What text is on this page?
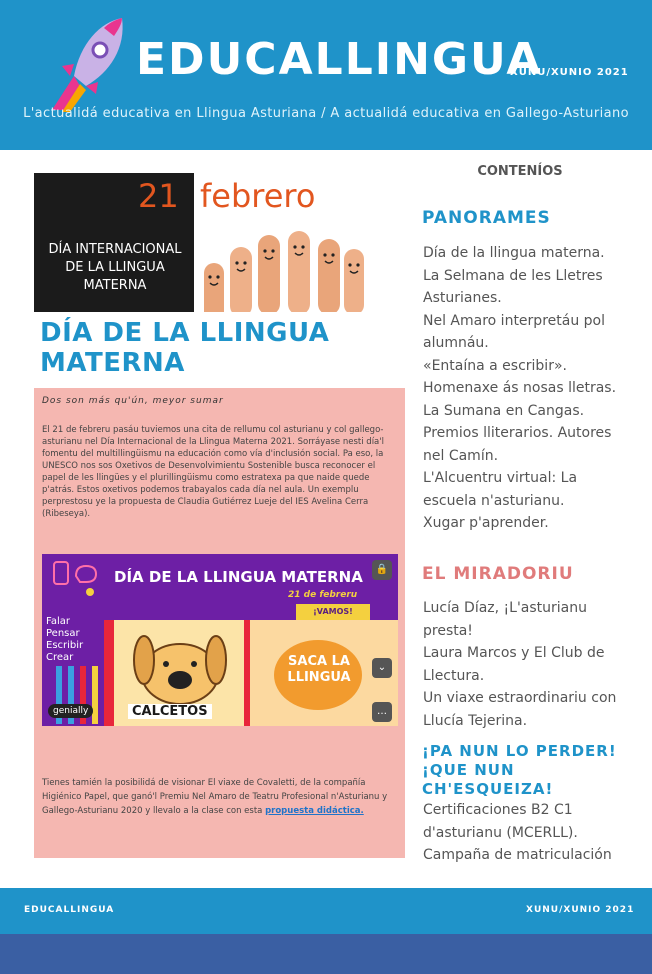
EDUCALLINGUA
XUNU/XUNIO 2021
L'actualidá educativa en Llingua Asturiana / A actualidá educativa en Gallego-Asturiano
21 febrero
DÍA INTERNACIONAL
DE LA LLINGUA
MATERNA
DÍA DE LA LLINGUA
MATERNA
Dos son más qu'ún, meyor sumar
El 21 de febreru pasáu tuviemos una cita de rellumu col asturianu y col gallego-asturianu nel Día Internacional de la Llingua Materna 2021. Sorráyase nesti día'l fomentu del multillingüismu na educación como vía d'inclusión social. Pa eso, la UNESCO nos sos Oxetivos de Desenvolvimientu Sostenible busca reconocer el papel de les llingües y el plurillingüismu como estratexa pa que naide quede p'atrás. Estos oxetivos podemos trabayalos cada día nel aula. Un exemplu perprestosu ye la propuesta de Claudia Gutiérrez Lueje del IES Avelina Cerra (Ribeseya).
DÍA DE LA LLINGUA MATERNA
21 de febreru
¡VAMOS!
Falar
Pensar
Escribir
Crear
CALCETOS
SACA LA
LLINGUA
genially
🔒
⌄
…
Tienes tamién la posibilidá de visionar El viaxe de Covaletti, de la compañía Higiénico Papel, que ganó'l Premiu Nel Amaro de Teatru Profesional n'Asturianu y Gallego-Asturianu 2020 y llevalo a la clase con esta propuesta didáctica.
CONTENÍOS
PANORAMES
Día de la llingua materna.
La Selmana de les Lletres
Asturianes.
Nel Amaro interpretáu pol
alumnáu.
«Entaína a escribir».
Homenaxe ás nosas lletras.
La Sumana en Cangas.
Premios lliterarios. Autores
nel Camín.
L'Alcuentru virtual: La
escuela n'asturianu.
Xugar p'aprender.
EL MIRADORIU
Lucía Díaz, ¡L'asturianu
presta!
Laura Marcos y El Club de
Llectura.
Un viaxe estraordinariu con
Llucía Tejerina.
¡PA NUN LO PERDER!
¡QUE NUN
CH'ESQUEIZA!
Certificaciones B2 C1
d'asturianu (MCERLL).
Campaña de matriculación
EDUCALLINGUA	XUNU/XUNIO 2021
